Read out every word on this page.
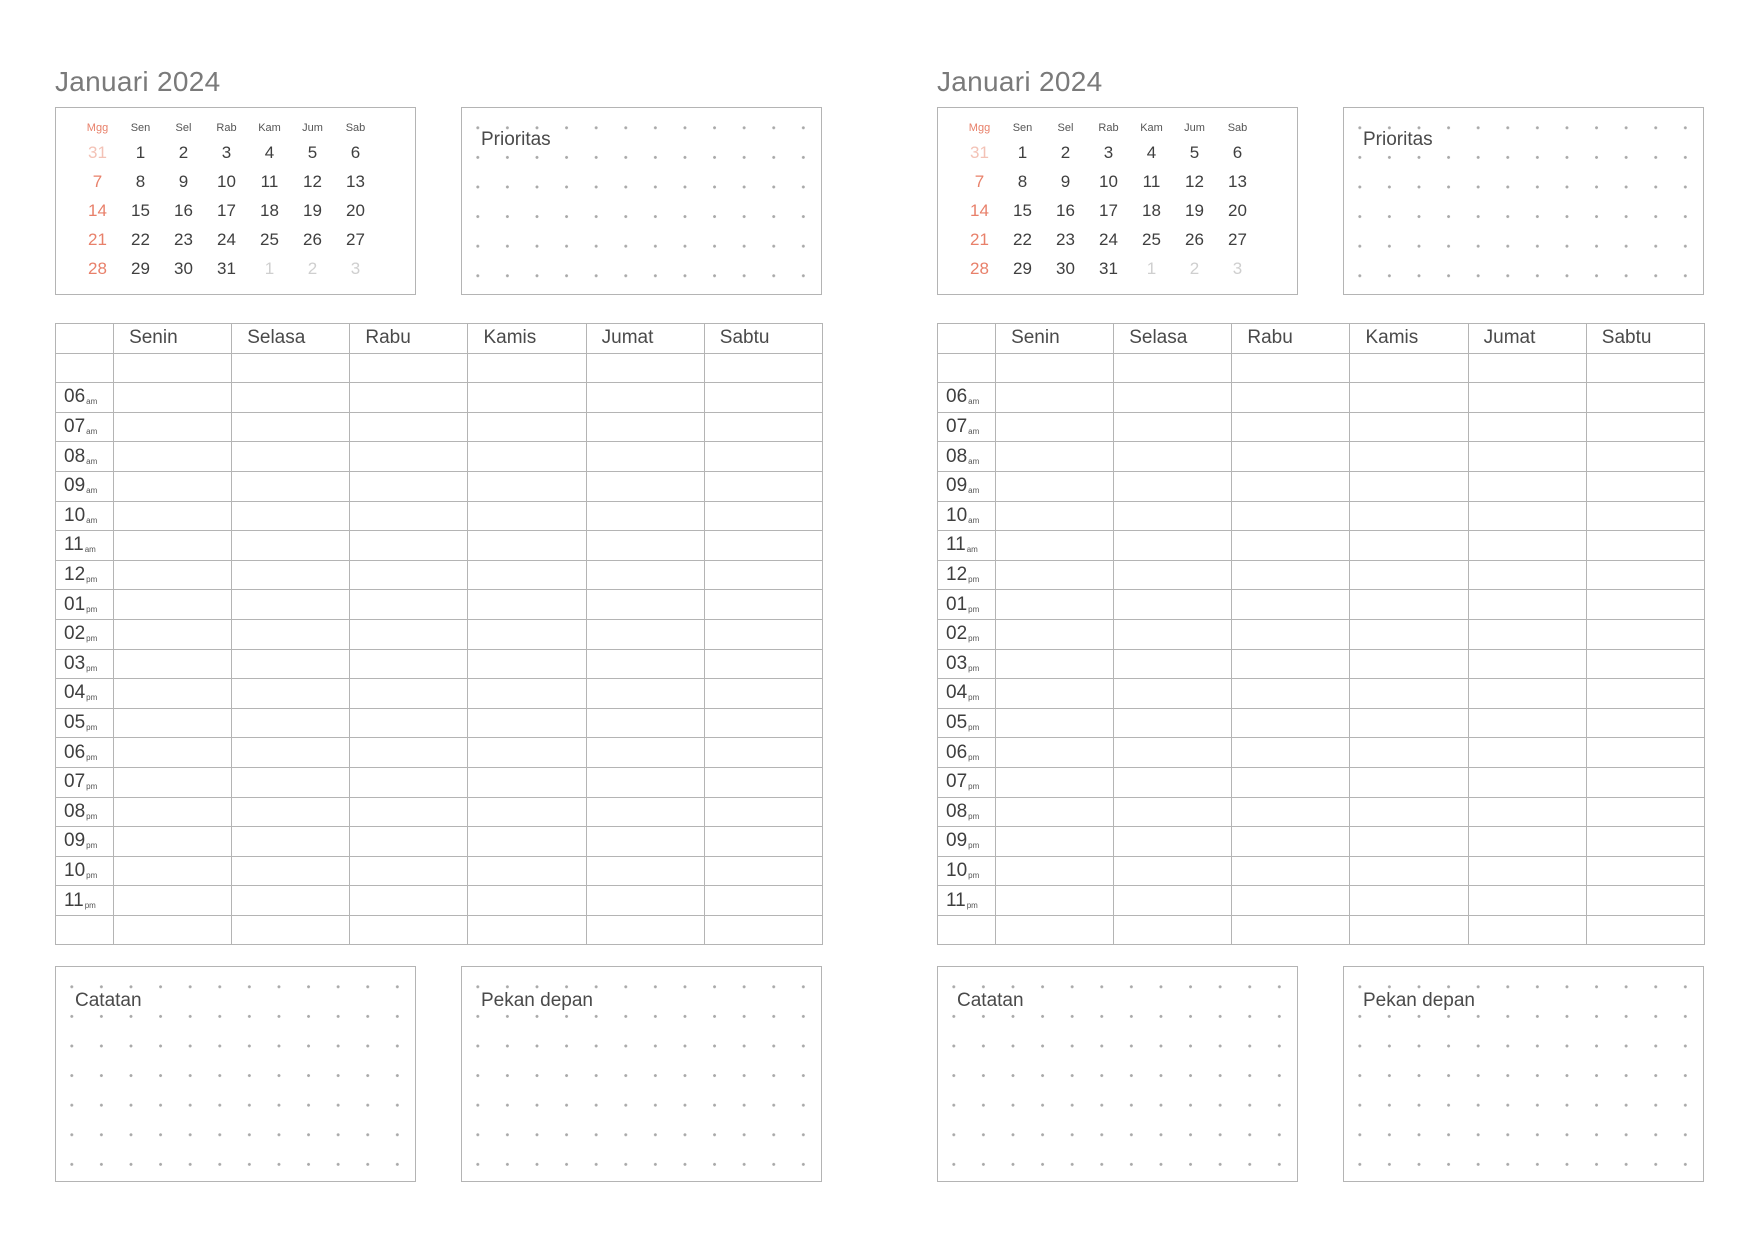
Januari 2024
Mgg	Sen	Sel	Rab	Kam	Jum	Sab
31	1	2	3	4	5	6
7	8	9	10	11	12	13
14	15	16	17	18	19	20
21	22	23	24	25	26	27
28	29	30	31	1	2	3
Prioritas
	Senin	Selasa	Rabu	Kamis	Jumat	Sabtu

06am						
07am						
08am						
09am						
10am						
11am						
12pm						
01pm						
02pm						
03pm						
04pm						
05pm						
06pm						
07pm						
08pm						
09pm						
10pm						
11pm						

Catatan	Pekan depan
Januari 2024
Mgg	Sen	Sel	Rab	Kam	Jum	Sab
31	1	2	3	4	5	6
7	8	9	10	11	12	13
14	15	16	17	18	19	20
21	22	23	24	25	26	27
28	29	30	31	1	2	3
Prioritas
	Senin	Selasa	Rabu	Kamis	Jumat	Sabtu

06am						
07am						
08am						
09am						
10am						
11am						
12pm						
01pm						
02pm						
03pm						
04pm						
05pm						
06pm						
07pm						
08pm						
09pm						
10pm						
11pm						

Catatan	Pekan depan
